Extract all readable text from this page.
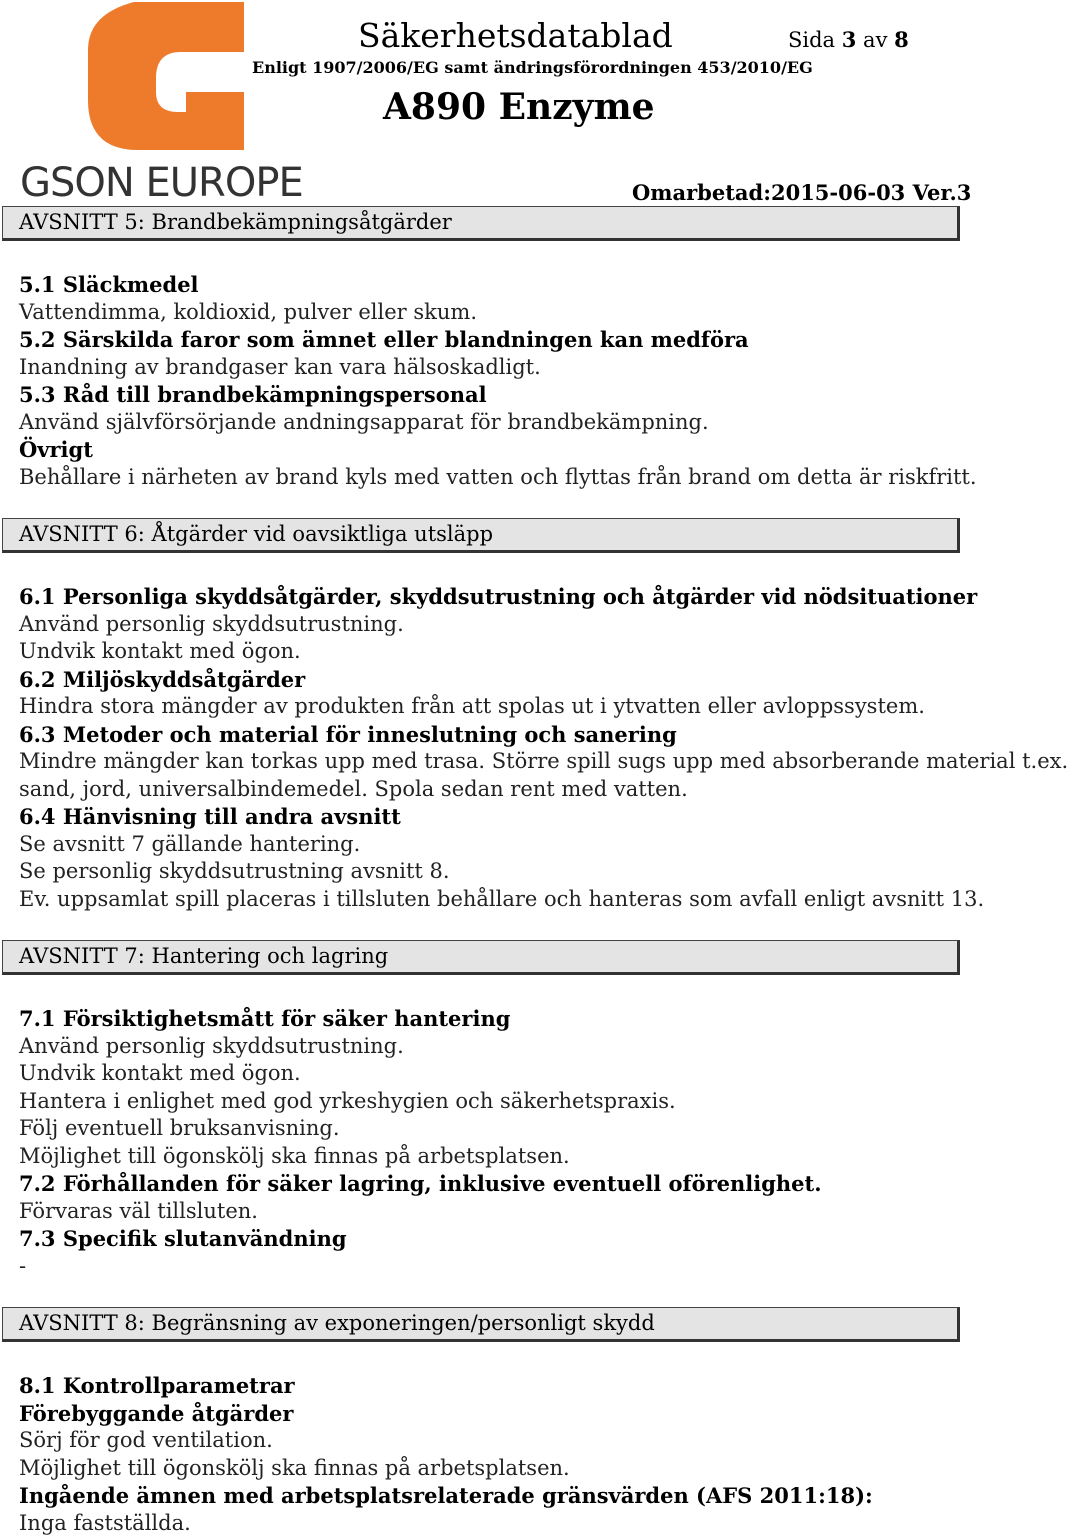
GSON EUROPE
Säkerhetsdatablad	Sida 3 av 8
Enligt 1907/2006/EG samt ändringsförordningen 453/2010/EG
A890 Enzyme
Omarbetad:2015-06-03 Ver.3
AVSNITT 5: Brandbekämpningsåtgärder
5.1 Släckmedel
Vattendimma, koldioxid, pulver eller skum.
5.2 Särskilda faror som ämnet eller blandningen kan medföra
Inandning av brandgaser kan vara hälsoskadligt.
5.3 Råd till brandbekämpningspersonal
Använd självförsörjande andningsapparat för brandbekämpning.
Övrigt
Behållare i närheten av brand kyls med vatten och flyttas från brand om detta är riskfritt.
AVSNITT 6: Åtgärder vid oavsiktliga utsläpp
6.1 Personliga skyddsåtgärder, skyddsutrustning och åtgärder vid nödsituationer
Använd personlig skyddsutrustning.
Undvik kontakt med ögon.
6.2 Miljöskyddsåtgärder
Hindra stora mängder av produkten från att spolas ut i ytvatten eller avloppssystem.
6.3 Metoder och material för inneslutning och sanering
Mindre mängder kan torkas upp med trasa. Större spill sugs upp med absorberande material t.ex.
sand, jord, universalbindemedel. Spola sedan rent med vatten.
6.4 Hänvisning till andra avsnitt
Se avsnitt 7 gällande hantering.
Se personlig skyddsutrustning avsnitt 8.
Ev. uppsamlat spill placeras i tillsluten behållare och hanteras som avfall enligt avsnitt 13.
AVSNITT 7: Hantering och lagring
7.1 Försiktighetsmått för säker hantering
Använd personlig skyddsutrustning.
Undvik kontakt med ögon.
Hantera i enlighet med god yrkeshygien och säkerhetspraxis.
Följ eventuell bruksanvisning.
Möjlighet till ögonskölj ska finnas på arbetsplatsen.
7.2 Förhållanden för säker lagring, inklusive eventuell oförenlighet.
Förvaras väl tillsluten.
7.3 Specifik slutanvändning
-
AVSNITT 8: Begränsning av exponeringen/personligt skydd
8.1 Kontrollparametrar
Förebyggande åtgärder
Sörj för god ventilation.
Möjlighet till ögonskölj ska finnas på arbetsplatsen.
Ingående ämnen med arbetsplatsrelaterade gränsvärden (AFS 2011:18):
Inga fastställda.
